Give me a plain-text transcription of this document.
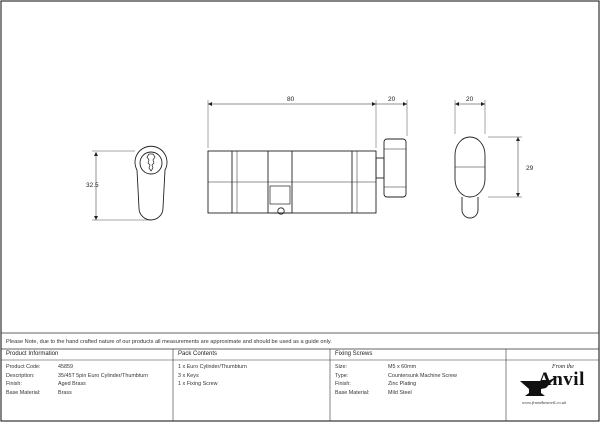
32.5
80	20	20
29
Please Note, due to the hand crafted nature of our products all measurements are approximate and should be used as a guide only.
Product Information
Product Code:
Description:
Finish:
Base Material:
45859
35/45T 5pin Euro Cylinder/Thumbturn
Aged Brass
Brass
Pack Contents
1 x Euro Cylinder/Thumbturn
3 x Keys
1 x Fixing Screw
Fixing Screws
Size:
Type:
Finish:
Base Material:
M5 x 60mm
Countersunk Machine Screw
Zinc Plating
Mild Steel
From the
Anvil
www.fromtheanvil.co.uk
